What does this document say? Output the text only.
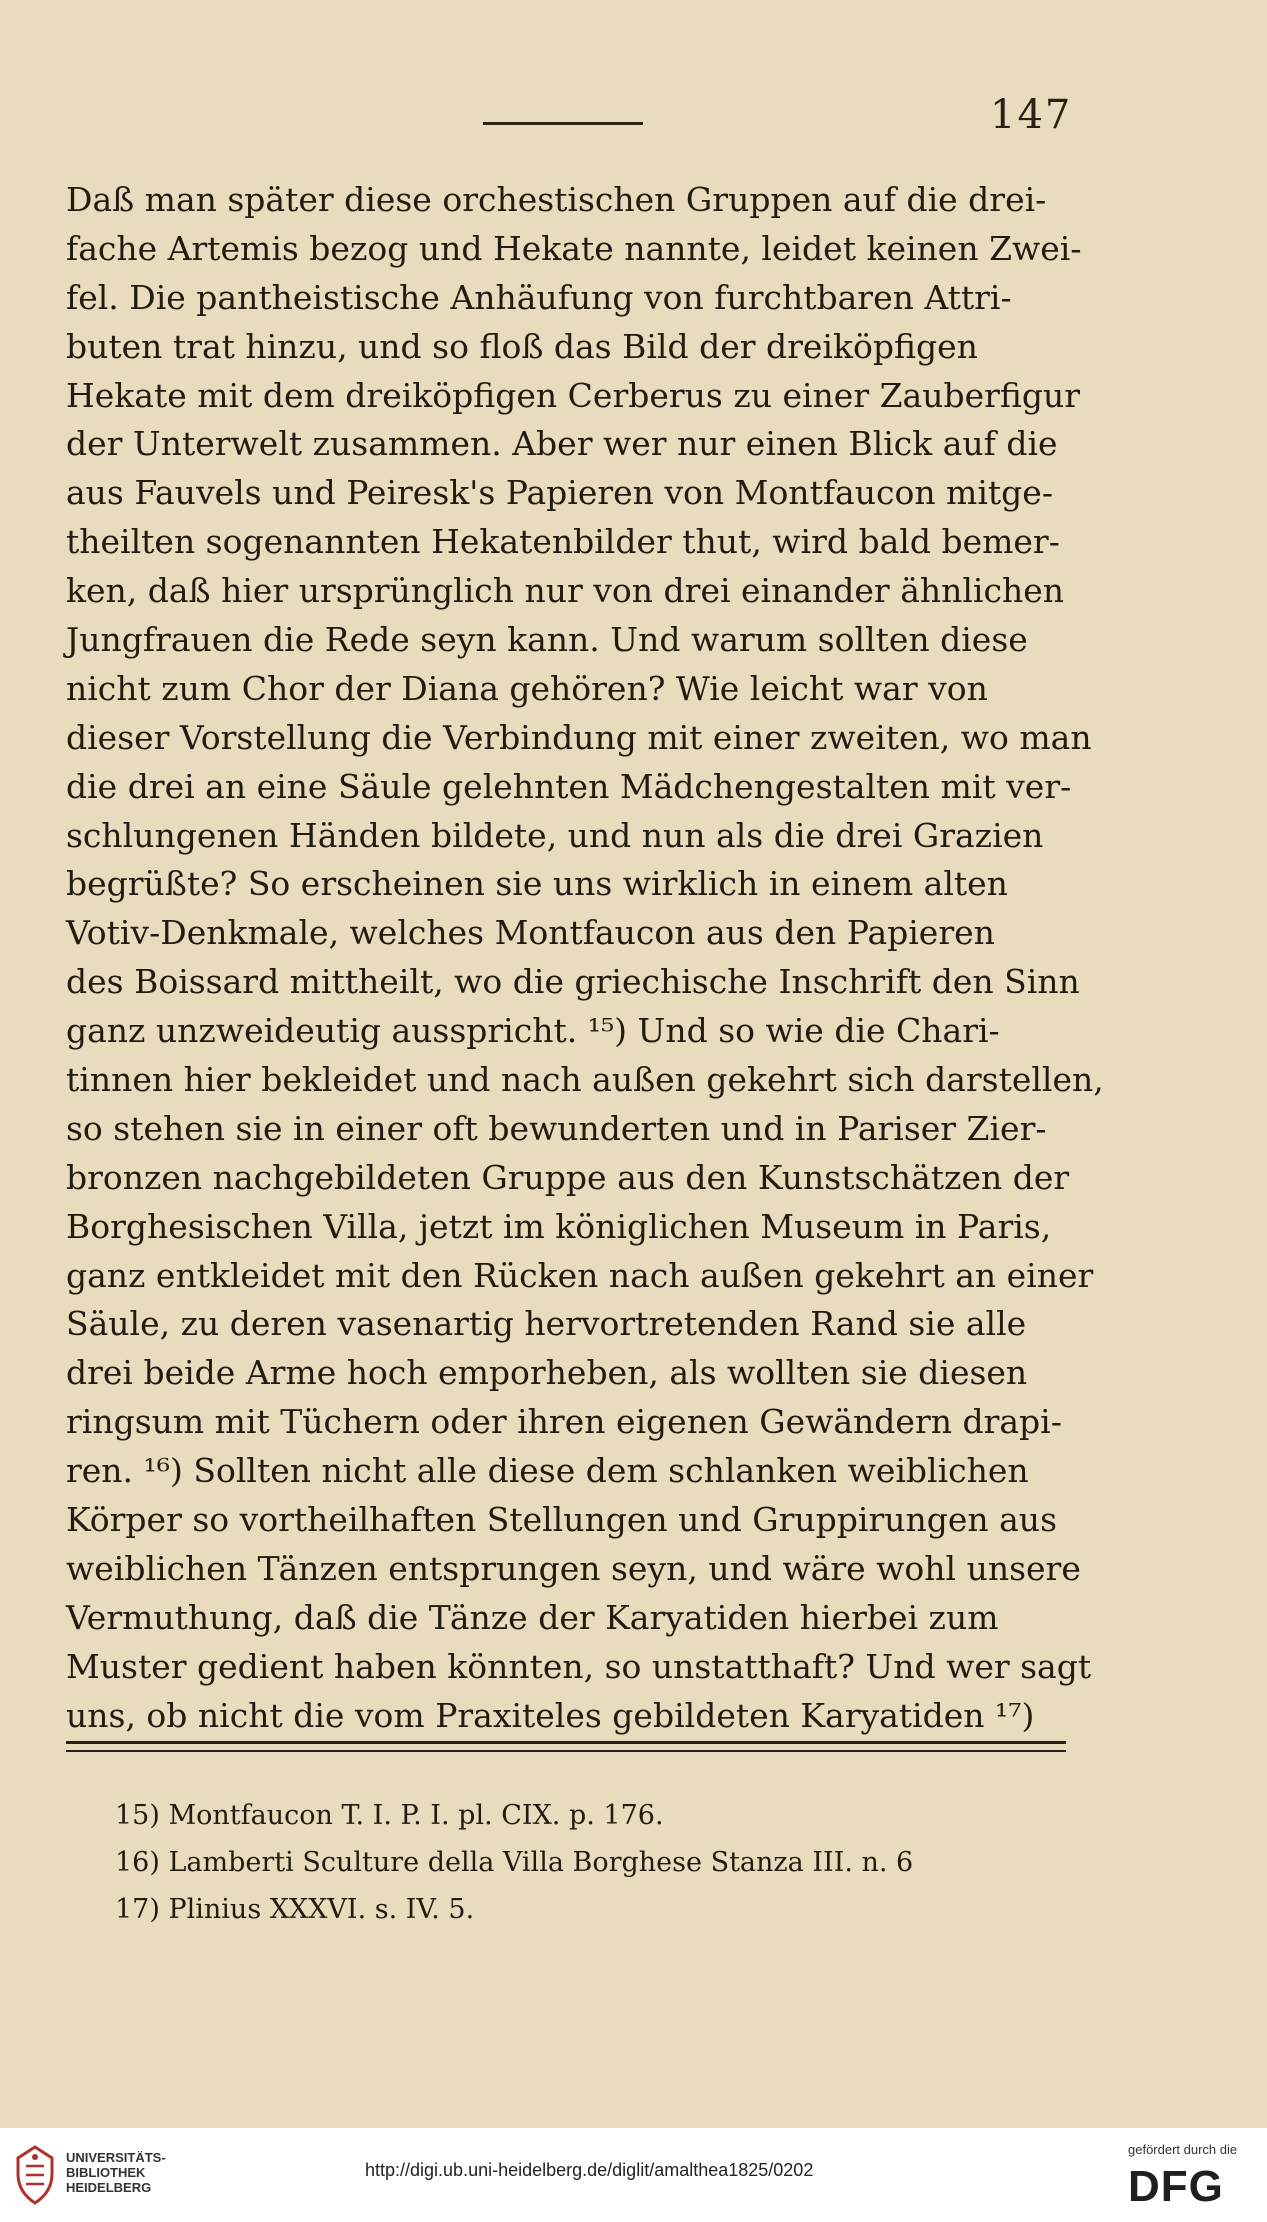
147
Daß man später diese orchestischen Gruppen auf die drei-
fache Artemis bezog und Hekate nannte, leidet keinen Zwei-
fel. Die pantheistische Anhäufung von furchtbaren Attri-
buten trat hinzu, und so floß das Bild der dreiköpfigen
Hekate mit dem dreiköpfigen Cerberus zu einer Zauberfigur
der Unterwelt zusammen. Aber wer nur einen Blick auf die
aus Fauvels und Peiresk's Papieren von Montfaucon mitge-
theilten sogenannten Hekatenbilder thut, wird bald bemer-
ken, daß hier ursprünglich nur von drei einander ähnlichen
Jungfrauen die Rede seyn kann. Und warum sollten diese
nicht zum Chor der Diana gehören? Wie leicht war von
dieser Vorstellung die Verbindung mit einer zweiten, wo man
die drei an eine Säule gelehnten Mädchengestalten mit ver-
schlungenen Händen bildete, und nun als die drei Grazien
begrüßte? So erscheinen sie uns wirklich in einem alten
Votiv-Denkmale, welches Montfaucon aus den Papieren
des Boissard mittheilt, wo die griechische Inschrift den Sinn
ganz unzweideutig ausspricht. ¹⁵) Und so wie die Chari-
tinnen hier bekleidet und nach außen gekehrt sich darstellen,
so stehen sie in einer oft bewunderten und in Pariser Zier-
bronzen nachgebildeten Gruppe aus den Kunstschätzen der
Borghesischen Villa, jetzt im königlichen Museum in Paris,
ganz entkleidet mit den Rücken nach außen gekehrt an einer
Säule, zu deren vasenartig hervortretenden Rand sie alle
drei beide Arme hoch emporheben, als wollten sie diesen
ringsum mit Tüchern oder ihren eigenen Gewändern drapi-
ren. ¹⁶) Sollten nicht alle diese dem schlanken weiblichen
Körper so vortheilhaften Stellungen und Gruppirungen aus
weiblichen Tänzen entsprungen seyn, und wäre wohl unsere
Vermuthung, daß die Tänze der Karyatiden hierbei zum
Muster gedient haben könnten, so unstatthaft? Und wer sagt
uns, ob nicht die vom Praxiteles gebildeten Karyatiden ¹⁷)
15) Montfaucon T. I. P. I. pl. CIX. p. 176.
16) Lamberti Sculture della Villa Borghese Stanza III. n. 6
17) Plinius XXXVI. s. IV. 5.
UNIVERSITÄTS-
BIBLIOTHEK
HEIDELBERG
http://digi.ub.uni-heidelberg.de/diglit/amalthea1825/0202
gefördert durch die
DFG
